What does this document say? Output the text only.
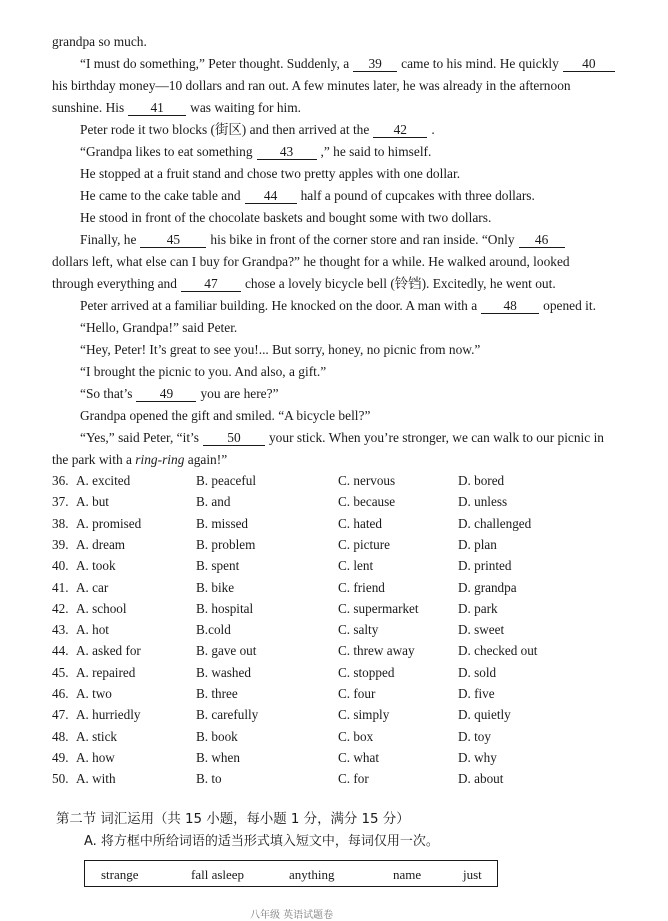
grandpa so much.
“I must do something,” Peter thought. Suddenly, a 39 came to his mind. He quickly 40
his birthday money—10 dollars and ran out. A few minutes later, he was already in the afternoon
sunshine. His 41 was waiting for him.
Peter rode it two blocks (街区) and then arrived at the 42 .
“Grandpa likes to eat something 43 ,” he said to himself.
He stopped at a fruit stand and chose two pretty apples with one dollar.
He came to the cake table and 44 half a pound of cupcakes with three dollars.
He stood in front of the chocolate baskets and bought some with two dollars.
Finally, he 45 his bike in front of the corner store and ran inside. “Only 46
dollars left, what else can I buy for Grandpa?” he thought for a while. He walked around, looked
through everything and 47 chose a lovely bicycle bell (铃铛). Excitedly, he went out.
Peter arrived at a familiar building. He knocked on the door. A man with a 48 opened it.
“Hello, Grandpa!” said Peter.
“Hey, Peter! It’s great to see you!... But sorry, honey, no picnic from now.”
“I brought the picnic to you. And also, a gift.”
“So that’s 49 you are here?”
Grandpa opened the gift and smiled. “A bicycle bell?”
“Yes,” said Peter, “it’s 50 your stick. When you’re stronger, we can walk to our picnic in
the park with a ring-ring again!”
36. A. excited	B. peaceful	C. nervous	D. bored
37. A. but	B. and	C. because	D. unless
38. A. promised	B. missed	C. hated	D. challenged
39. A. dream	B. problem	C. picture	D. plan
40. A. took	B. spent	C. lent	D. printed
41. A. car	B. bike	C. friend	D. grandpa
42. A. school	B. hospital	C. supermarket	D. park
43. A. hot	B.cold	C. salty	D. sweet
44. A. asked for	B. gave out	C. threw away	D. checked out
45. A. repaired	B. washed	C. stopped	D. sold
46. A. two	B. three	C. four	D. five
47. A. hurriedly	B. carefully	C. simply	D. quietly
48. A. stick	B. book	C. box	D. toy
49. A. how	B. when	C. what	D. why
50. A. with	B. to	C. for	D. about
第二节 词汇运用（共 15 小题，每小题 1 分，满分 15 分）
A. 将方框中所给词语的适当形式填入短文中，每词仅用一次。
strange	fall asleep	anything	name	just
八年级 英语试题卷
